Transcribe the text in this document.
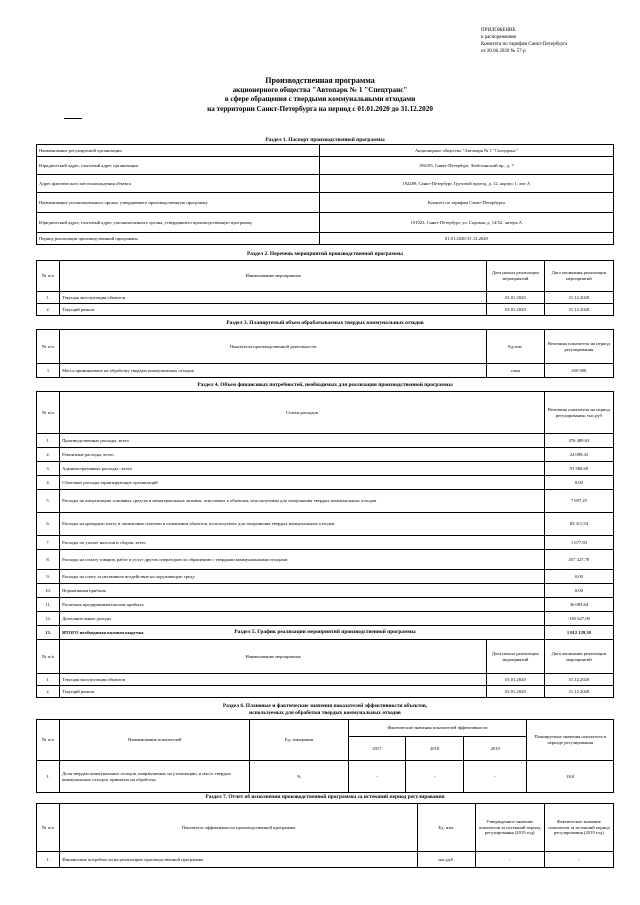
ПРИЛОЖЕНИЕ
к распоряжению
Комитета по тарифам Санкт-Петербурга
от 30.06.2020 № 57-р
Производственная программа
акционерного общества "Автопарк № 1 "Спецтранс"
в сфере обращения с твердыми коммунальными отходами
на территории Санкт-Петербурга на период с 01.01.2020 до 31.12.2020
Раздел 1. Паспорт производственной программы
Наименование регулируемой организации	Акционерное общество "Автопарк № 1 "Спецтранс"
Юридический адрес, почтовый адрес организации	196105, Санкт-Петербург, Люботинский пр., д. 7
Адрес фактического местонахождения объекта	192289, Санкт-Петербург, Грузовой проезд, д. 12, корпус 1, лит А
Наименование уполномоченного органа, утвердившего производственную программу	Комитет по тарифам Санкт-Петербурга
Юридический адрес, почтовый адрес уполномоченного органа, утвердившего производственную программу	191023, Санкт-Петербург, ул. Садовая, д. 14/52, литера А
Период реализации производственной программы	01.01.2020-31.12.2020
Раздел 2. Перечень мероприятий производственной программы
№ п/п	Наименование мероприятия	Дата начала реализации мероприятий	Дата окончания реализации мероприятий
1.	Текущая эксплуатация объектов	01.01.2020	31.12.2020
2.	Текущий ремонт	01.01.2020	31.12.2020
Раздел 3. Планируемый объем обрабатываемых твердых коммунальных отходов
№ п/п	Показатели производственной деятельности	Ед.изм.	Величина показателя на период регулирования
1	Масса принимаемых на обработку твердых коммунальных отходов	тонн	450 000
Раздел 4. Объем финансовых потребностей, необходимых для реализации производственной программы
№ п/п	Статьи расходов	Величина показателя на период регулирования, тыс.руб
1.	Производственные расходы, всего	476 489,63
2.	Ремонтные расходы, всего	24 009,43
3.	Административные расходы - всего	91 360,69
4.	Сбытовые расходы гарантирующих организаций	0,00
5.	Расходы на амортизацию основных средств и нематериальных активов, относимых к объектам, используемым для захоронения твердых коммунальных отходов	7 697,25
6.	Расходы на арендную плату и лизинговые платежи в отношении объектов, используемых для захоронения твердых коммунальных отходов	83 311,54
7.	Расходы по уплате налогов и сборов, всего	1 677,83
8.	Расходы на оплату товаров, работ и услуг других операторов по обращению с твердыми коммунальными отходами	457 327,78
9.	Расходы на плату за негативное воздействие на окружающую среду	0,00
10.	Нормативная прибыль	0,00
11.	Расчетная предпринимательская прибыль	36 083,64
12.	Дополнительные доходы	-165 627,00
13.	ИТОГО необходимая валовая выручка	1 012 129,39
Раздел 5. График реализации мероприятий производственной программы
№ п/п	Наименование мероприятия	Дата начала реализации мероприятий	Дата окончания реализации мероприятий
1.	Текущая эксплуатация объектов	01.01.2020	31.12.2020
2.	Текущий ремонт	01.01.2020	31.12.2020
Раздел 6. Плановые и фактические значения показателей эффективности объектов,
используемых для обработки твердых коммунальных отходов
№ п/п	Наименование показателей	Ед. измерения	Фактические значения показателей эффективности			Планируемые значения показателя в периоде регулирования
			2017	2018	2019	
1.	Доля твердых коммунальных отходов, направляемых на утилизацию, в массе твердых коммунальных отходов, принятых на обработку	%	-	-	-	18,0
Раздел 7. Отчет об исполнении производственной программы за истекший период регулирования
№ п/п	Показатель эффективности производственной программы	Ед. изм.	Утвержденное значение показателя за истекший период регулирования (2019 год)	Фактическое значение показателя за истекший период регулирования (2019 год)
1.	Финансовые потребности на реализацию производственной программы	тыс.руб.	-	-
